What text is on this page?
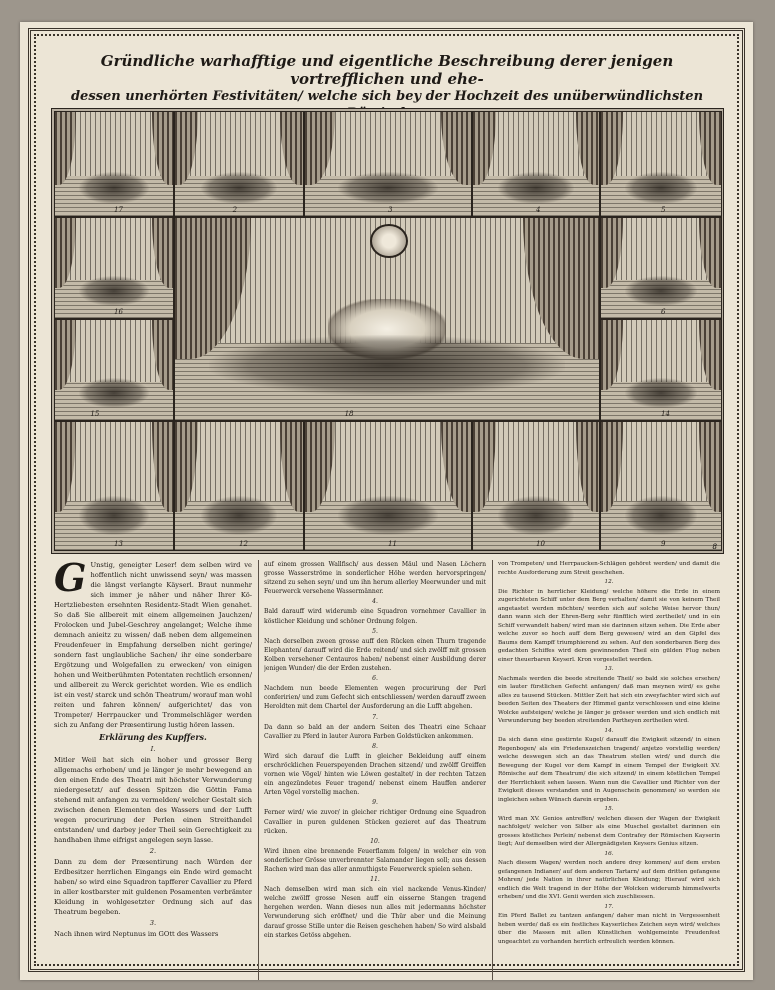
Gründliche warhafftige und eigentliche Beschreibung derer jenigen vortrefflichen und ehe-
dessen unerhörten Festivitäten/ welche sich bey der Hochzeit des unüberwündlichsten
17	2	3	4	5
16
15	18
6
14
13	12	11	10	9	8
G Unstig, geneigter Leser! dem selben wird ve hoffentlich nicht unwissend seyn/ was massen die längst verlangte Käyserl. Braut nunmehr sich immer je näher und näher Ihrer Kö-Hertzliebesten ersehnten Residentz-Stadt Wien genahet. So daß Sie allbereit mit einem allgemeinen Jauchzen/ Frolocken und Jubel-Geschrey angelanget; Welche ihme demnach anieitz zu wissen/ daß neben dem allgemeinen Freudenfeuer in Empfahung derselben nicht geringe/ sondern fast unglaubliche Sachen/ ihr eine sonderbare Ergötzung und Wolgefallen zu erwecken/ von einigen hohen und Weitberühmten Potentaten rechtlich ersonnen/ und allbereit zu Werck gerichtet worden. Wie es endlich ist ein vest/ starck und schön Theatrum/ worauf man wohl reiten und fahren können/ aufgerichtet/ das von Trompeter/ Herrpaucker und Trommelschläger werden sich zu Anfang der Præsentirung lustig hören lassen.

Erklärung des Kupffers.

I.

Mitler Weil hat sich ein hoher und grosser Berg allgemachs erhoben/ und je länger je mehr bewegend an den einen Ende des Theatri mit höchster Verwunderung niedergesetzt/ auf dessen Spitzen die Göttin Fama stehend mit anfangen zu vermelden/ welcher Gestalt sich zwischen denen Elementen des Wassers und der Lufft wegen procurirung der Perlen einen Streithandel entstanden/ und darbey jeder Theil sein Gerechtigkeit zu handhaben ihme eifrigst angelegen seyn lasse.

2.

Dann zu dem der Præsentirung nach Würden der Erdbesitzer herrlichen Eingangs ein Ende wird gemacht haben/ so wird eine Squadron tapfferer Cavallier zu Pferd in aller kostbarster mit guldenen Posamenten verbrämter Kleidung in wohlgesetzter Ordnung sich auf das Theatrum begeben.

3.

Nach ihnen wird Neptunus im GOtt des Wassers

auf einem grossen Wallfisch/ aus dessen Mäul und Nasen Löchern grosse Wasserströme in sonderlicher Höhe werden hervorspringen/ sitzend zu sehen seyn/ und um ihn herum allerley Meerwunder und mit Feuerwerck versehene Wassermänner.

4.

Bald darauff wird widerumb eine Squadron vornehmer Cavallier in köstlicher Kleidung und schöner Ordnung folgen.

5.

Nach derselben zween grosse auff den Rücken einen Thurn tragende Elephanten/ darauff wird die Erde reitend/ und sich zwölff mit grossen Kolben versehener Centauros haben/ nebenst einer Ausbildung derer jenigen Wunder/ die der Erden zustehen.

6.

Nachdem nun beede Elementen wegen procurirung der Perl conferirien/ und zum Gefecht sich entschliessen/ werden darauff zween Heroldten mit dem Chartel der Ausforderung an die Lufft abgehen.

7.

Da dann so bald an der andern Seiten des Theatri eine Schaar Cavallier zu Pferd in lauter Aurora Farben Goldstücken ankommen.

8.

Wird sich darauf die Lufft in gleicher Bekleidung auff einem erschröcklichen Feuerspeyenden Drachen sitzend/ und zwölff Greiffen vornen wie Vögel/ hinten wie Löwen gestaltet/ in der rechten Tatzen ein angezündetes Feuer tragend/ nebenst einem Hauffen anderer Arten Vögel vorstellig machen.

9.

Ferner wird/ wie zuvor/ in gleicher richtiger Ordnung eine Squadron Cavallier in puren guldenen Stücken gezieret auf das Theatrum rücken.

10.

Wird ihnen eine brennende Feuerflamm folgen/ in welcher ein von sonderlicher Grösse unverbrennter Salamander liegen soll; aus dessen Rachen wird man das aller anmuthigste Feuerwerck spielen sehen.

11.

Nach demselben wird man sich ein viel nackende Venus-Kinder/ welche zwölff grosse Nesen auff ein eisserne Stangen tragend hergehen werden. Wann dieses nun alles mit jedermanns höchster Verwunderung sich eröffnet/ und die Thür aber und die Meinung darauf grosse Stille unter die Reisen geschehen haben/ So wird alsbald ein starkes Getöss abgehen.

von Trompeten/ und Herrpaucken-Schlägen gehöret werden/ und damit die rechte Ausforderung zum Streit geschehen.

12.

Die Richter in herrlicher Kleidung/ welche höhere die Erde in einem zugerichteten Schiff unter dem Berg verhalten/ damit sie von keinem Theil angetastet werden möchten/ werden sich auf solche Weise hervor thun/ dann wann sich der Ehren-Berg sehr fünfflich wird zertheilet/ und in ein Schiff verwandelt haben/ wird man sie darinnen sitzen sehen. Die Erde aber welche zuvor so hoch auff dem Berg gewesen/ wird an den Gipfel des Baums dem Kampff triumphierend zu sehen. Auf den sonderbaren Berg des gedachten Schiffes wird dem gewinnenden Theil ein gülden Flug neben einer theuerbaren Keyserl. Kron vorgestellet werden.

13.

Nachmals werden die beede streitende Theil/ so bald sie solches ersehen/ ein lauter fürstlichen Gefecht anfangen/ daß man meynen wird/ es gehe alles zu tausend Stücken. Mittler Zeit hat sich ein zweyfachter wird sich auf beeden Seiten des Theaters der Himmel gantz verschlossen und eine kleine Wolcke aufsteigen/ welche je länger je grösser werden und sich endlich mit Verwunderung bey beeden streitenden Partheyen zertheilen wird.

14.

Da sich dann eine gestirnte Kugel/ darauff die Ewigkeit sitzend/ in einen Regenbogen/ als ein Friedenszeichen tragend/ anjetzo vorstellig werden/ welche deswegen sich an das Theatrum stellen wird/ und durch die Bewegung der Kugel vor dem Kampf in einem Tempel der Ewigkeit XV. Römische auf dem Theatrum/ die sich sitzend/ in einem köstlichen Tempel der Herrlichkeit sehen lassen. Wann nun die Cavallier und Richter von der Ewigkeit dieses verstanden und in Augenschein genommen/ so werden sie ingleichen sehen Wünsch darein ergeben.

15.

Wird man XV. Genios antreffen/ welchen diesen der Wagen der Ewigkeit nachfolget/ welcher von Silber als eine Muschel gestaltet darinnen ein grosses köstliches Perlein/ nebenst dem Contrafey der Römischen Kayserin liegt; Auf demselben wird der Allergnädigsten Keysers Genius sitzen.

16.

Nach diesem Wagen/ werden noch andere drey kommen/ auf dem ersten gefangenen Indianer/ auf dem anderen Tartarn/ auf dem dritten gefangene Mohren/ jede Nation in ihrer natürlichen Kleidung; Hierauf wird sich endlich die Welt tragend in der Höhe der Wolcken widerumb himmelwerts erheben/ und die XVI. Genii werden sich zuschliessen.

17.

Ein Pferd Ballet zu tantzen anfangen/ daher man nicht in Vergessenheit heben werde/ daß es ein festliches Kayserliches Zeichen seyn wird/ welches über die Massen mit allen Künstlichen wohlgemeinte Freudenfest ungeachtet zu vorhanden herrlich erfreulich werden können.
